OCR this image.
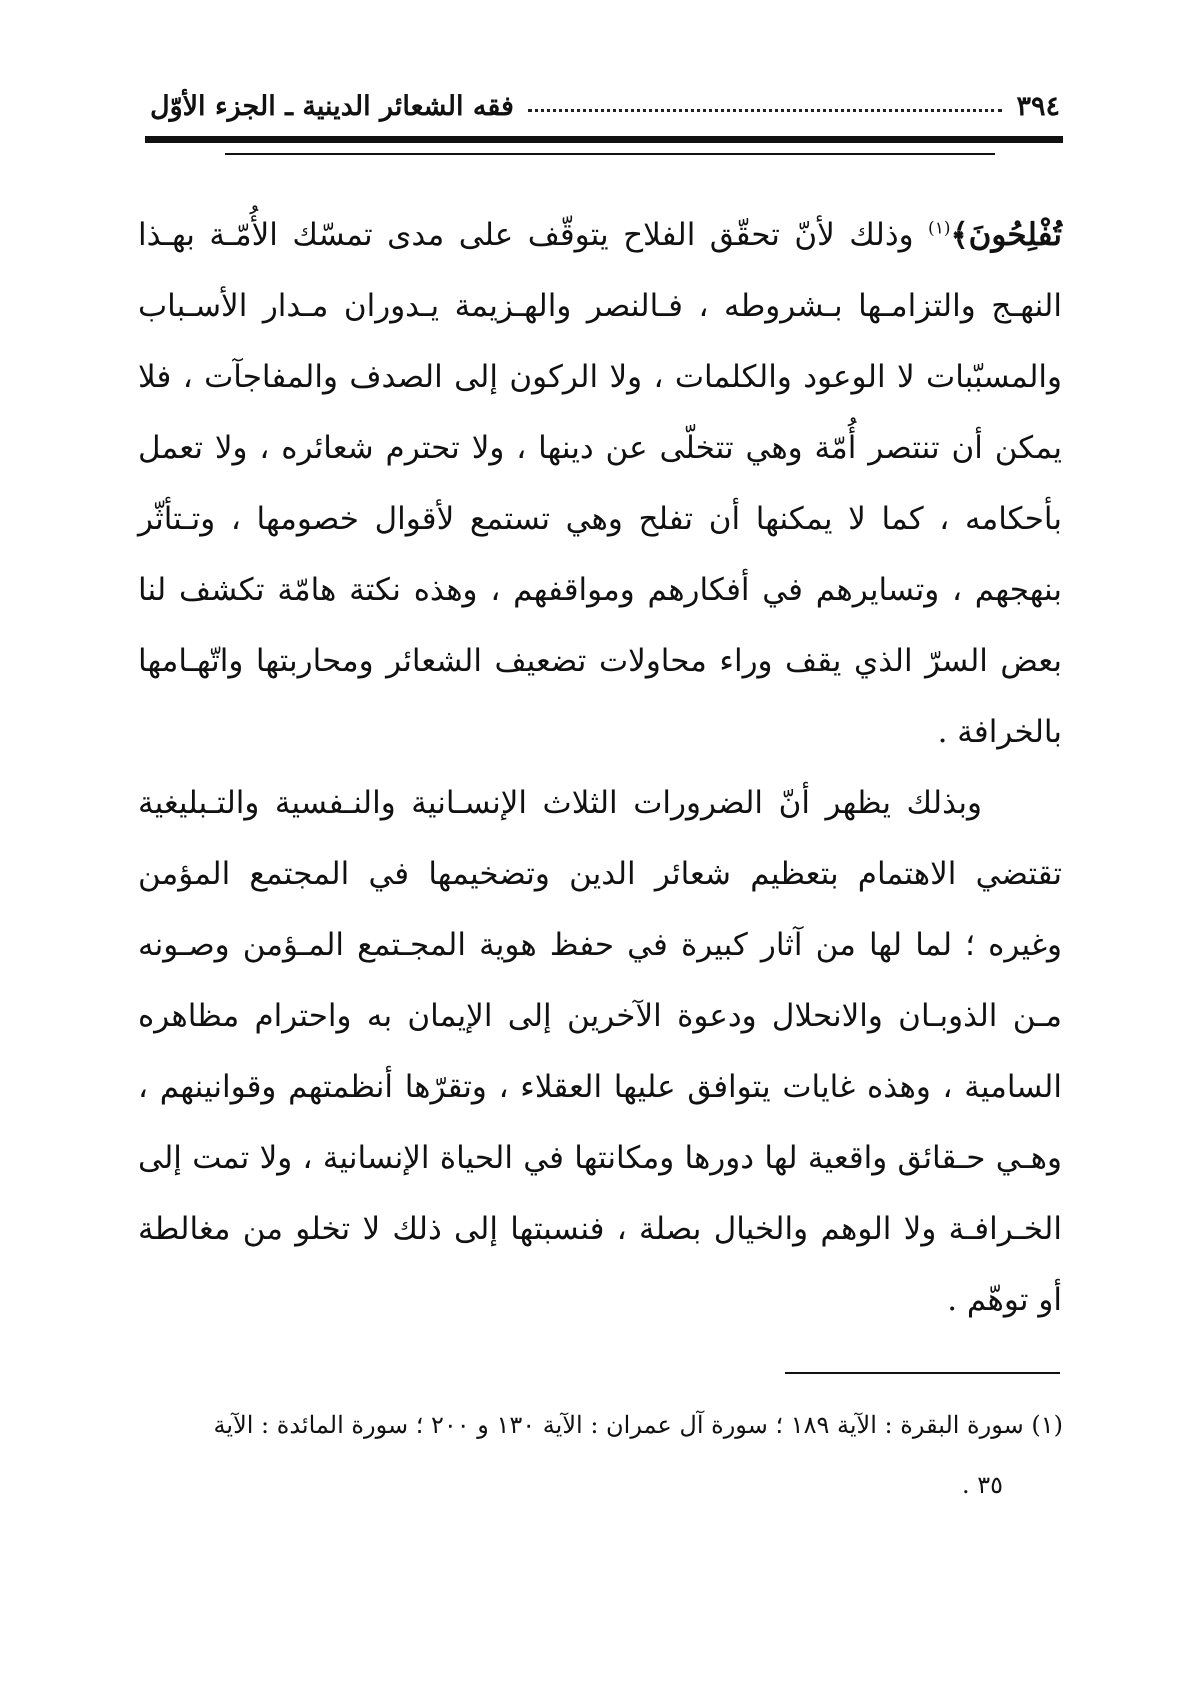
٣٩٤
فقه الشعائر الدينية ـ الجزء الأوّل

تُفْلِحُونَ﴾$^{(١)}$ وذلك لأنّ تحقّق الفلاح يتوقّف على مدى تمسّك الأُمّـة بهـذا النهـج والتزامـها بـشروطه ، فـالنصر والهـزيمة يـدوران مـدار الأسـباب والمسبّبات لا الوعود والكلمات ، ولا الركون إلى الصدف والمفاجآت ، فلا يمكن أن تنتصر أُمّة وهي تتخلّى عن دينها ، ولا تحترم شعائره ، ولا تعمل بأحكامه ، كما لا يمكنها أن تفلح وهي تستمع لأقوال خصومها ، وتـتأثّر بنهجهم ، وتسايرهم في أفكارهم ومواقفهم ، وهذه نكتة هامّة تكشف لنا بعض السرّ الذي يقف وراء محاولات تضعيف الشعائر ومحاربتها واتّهـامها بالخرافة .

وبذلك يظهر أنّ الضرورات الثلاث الإنسـانية والنـفسية والتـبليغية تقتضي الاهتمام بتعظيم شعائر الدين وتضخيمها في المجتمع المؤمن وغيره ؛ لما لها من آثار كبيرة في حفظ هوية المجـتمع المـؤمن وصـونه مـن الذوبـان والانحلال ودعوة الآخرين إلى الإيمان به واحترام مظاهره السامية ، وهذه غايات يتوافق عليها العقلاء ، وتقرّها أنظمتهم وقوانينهم ، وهـي حـقائق واقعية لها دورها ومكانتها في الحياة الإنسانية ، ولا تمت إلى الخـرافـة ولا الوهم والخيال بصلة ، فنسبتها إلى ذلك لا تخلو من مغالطة أو توهّم .

(١) سورة البقرة : الآية ١٨٩ ؛ سورة آل عمران : الآية ١٣٠ و ٢٠٠ ؛ سورة المائدة : الآية

٣٥ .
